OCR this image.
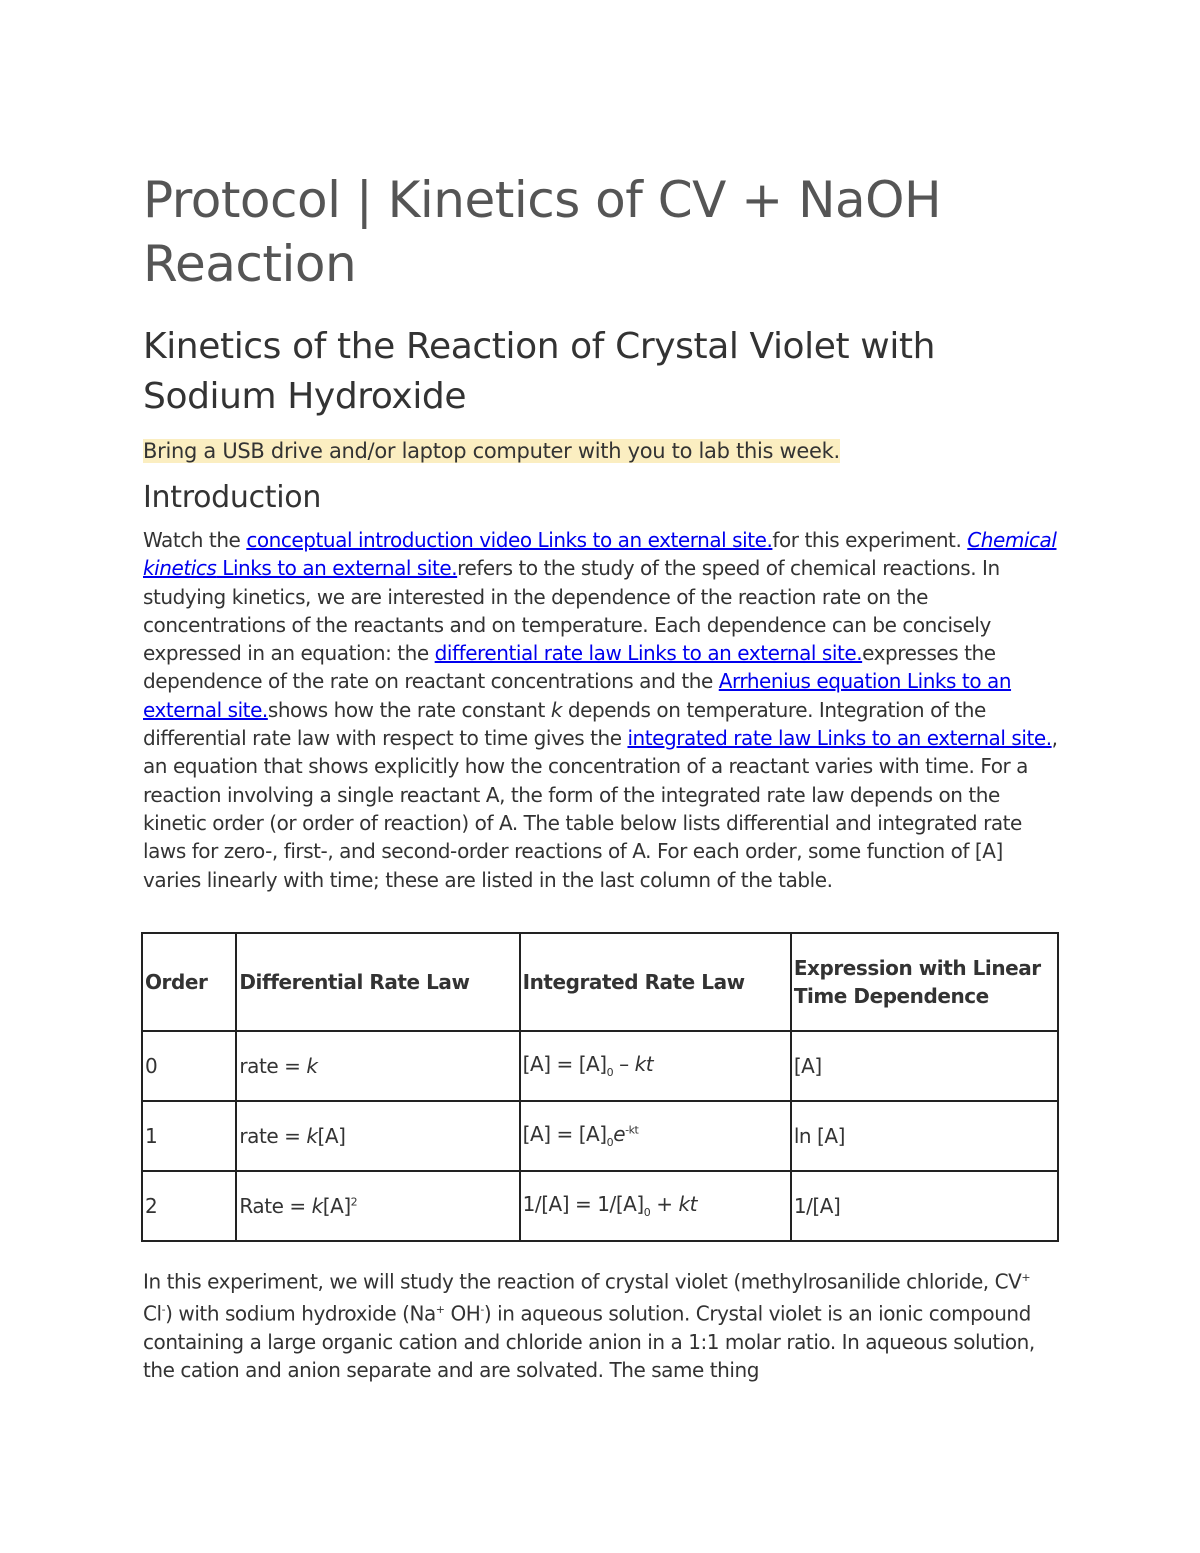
Protocol | Kinetics of CV + NaOH Reaction
Kinetics of the Reaction of Crystal Violet with Sodium Hydroxide
Bring a USB drive and/or laptop computer with you to lab this week.
Introduction

Watch the conceptual introduction video Links to an external site.for this experiment. Chemical kinetics Links to an external site.refers to the study of the speed of chemical reactions. In studying kinetics, we are interested in the dependence of the reaction rate on the concentrations of the reactants and on temperature. Each dependence can be concisely expressed in an equation: the differential rate law Links to an external site.expresses the dependence of the rate on reactant concentrations and the Arrhenius equation Links to an external site.shows how the rate constant k depends on temperature. Integration of the differential rate law with respect to time gives the integrated rate law Links to an external site., an equation that shows explicitly how the concentration of a reactant varies with time. For a reaction involving a single reactant A, the form of the integrated rate law depends on the kinetic order (or order of reaction) of A. The table below lists differential and integrated rate laws for zero-, first-, and second-order reactions of A. For each order, some function of [A] varies linearly with time; these are listed in the last column of the table.

Order	Differential Rate Law	Integrated Rate Law	Expression with Linear Time Dependence
0	rate = k	$[A] = [A]_0$ – kt	[A]
1	rate = k[A]	$[A] = [A]_0e^{-kt}$	ln [A]
2	Rate = $k[A]^2$	$1/[A] = 1/[A]_0$ + kt	1/[A]

In this experiment, we will study the reaction of crystal violet (methylrosanilide chloride, CV+ Cl-) with sodium hydroxide (Na+ OH-) in aqueous solution. Crystal violet is an ionic compound containing a large organic cation and chloride anion in a 1:1 molar ratio. In aqueous solution, the cation and anion separate and are solvated. The same thing
